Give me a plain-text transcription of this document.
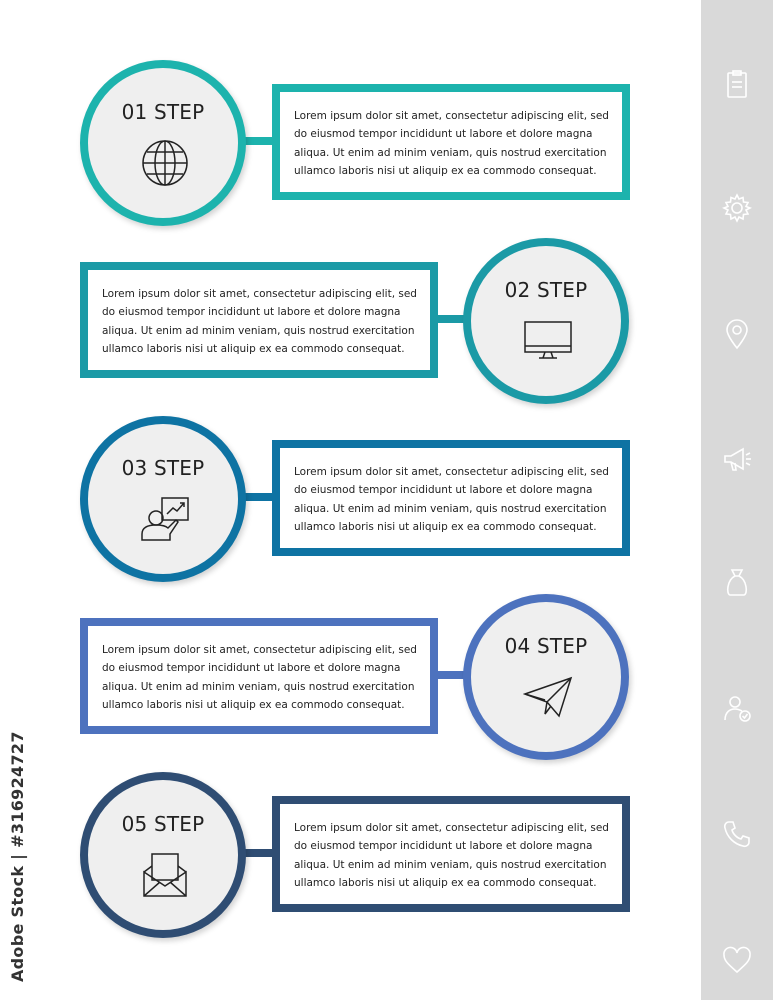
Adobe Stock | #316924727
01 STEP	Lorem ipsum dolor sit amet, consectetur adipiscing elit, sed do eiusmod tempor incididunt ut labore et dolore magna aliqua. Ut enim ad minim veniam, quis nostrud exercitation ullamco laboris nisi ut aliquip ex ea commodo consequat.

02 STEP

Lorem ipsum dolor sit amet, consectetur adipiscing elit, sed do eiusmod tempor incididunt ut labore et dolore magna aliqua. Ut enim ad minim veniam, quis nostrud exercitation ullamco laboris nisi ut aliquip ex ea commodo consequat.

03 STEP	Lorem ipsum dolor sit amet, consectetur adipiscing elit, sed do eiusmod tempor incididunt ut labore et dolore magna aliqua. Ut enim ad minim veniam, quis nostrud exercitation ullamco laboris nisi ut aliquip ex ea commodo consequat.

04 STEP

Lorem ipsum dolor sit amet, consectetur adipiscing elit, sed do eiusmod tempor incididunt ut labore et dolore magna aliqua. Ut enim ad minim veniam, quis nostrud exercitation ullamco laboris nisi ut aliquip ex ea commodo consequat.

05 STEP	Lorem ipsum dolor sit amet, consectetur adipiscing elit, sed do eiusmod tempor incididunt ut labore et dolore magna aliqua. Ut enim ad minim veniam, quis nostrud exercitation ullamco laboris nisi ut aliquip ex ea commodo consequat.
